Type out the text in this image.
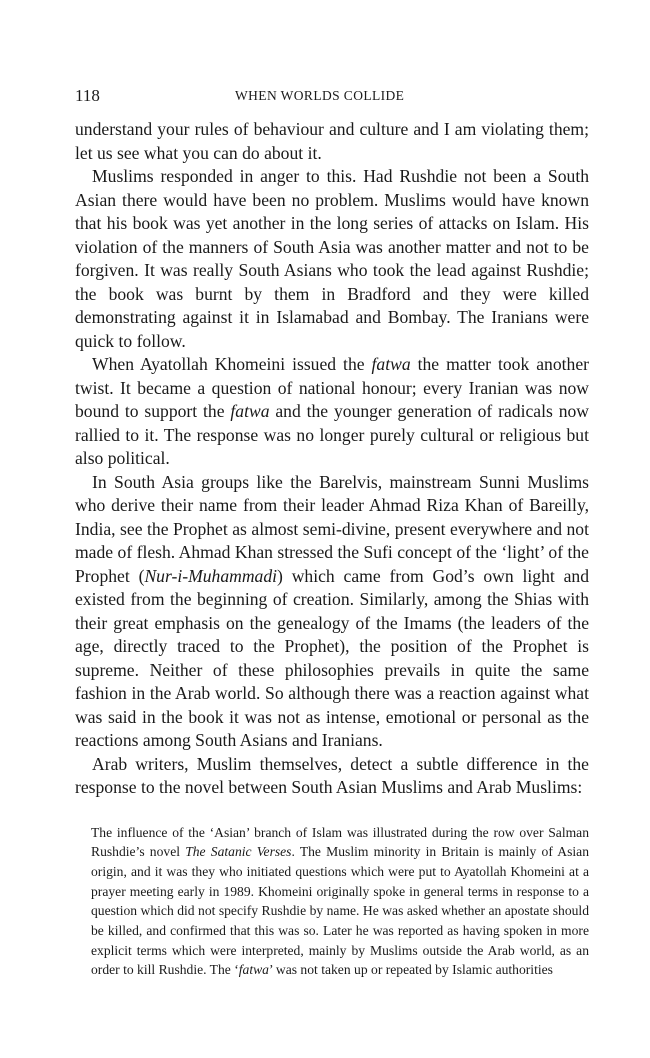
118	WHEN WORLDS COLLIDE

understand your rules of behaviour and culture and I am violating them; let us see what you can do about it.

Muslims responded in anger to this. Had Rushdie not been a South Asian there would have been no problem. Muslims would have known that his book was yet another in the long series of attacks on Islam. His violation of the manners of South Asia was another matter and not to be forgiven. It was really South Asians who took the lead against Rushdie; the book was burnt by them in Bradford and they were killed demonstrating against it in Islamabad and Bombay. The Iranians were quick to follow.

When Ayatollah Khomeini issued the fatwa the matter took another twist. It became a question of national honour; every Iranian was now bound to support the fatwa and the younger generation of radicals now rallied to it. The response was no longer purely cultural or religious but also political.

In South Asia groups like the Barelvis, mainstream Sunni Muslims who derive their name from their leader Ahmad Riza Khan of Bareilly, India, see the Prophet as almost semi-divine, present everywhere and not made of flesh. Ahmad Khan stressed the Sufi concept of the ‘light’ of the Prophet (Nur-i-Muhammadi) which came from God’s own light and existed from the beginning of creation. Similarly, among the Shias with their great emphasis on the genealogy of the Imams (the leaders of the age, directly traced to the Prophet), the position of the Prophet is supreme. Neither of these philosophies prevails in quite the same fashion in the Arab world. So although there was a reaction against what was said in the book it was not as intense, emotional or personal as the reactions among South Asians and Iranians.

Arab writers, Muslim themselves, detect a subtle difference in the response to the novel between South Asian Muslims and Arab Muslims:

The influence of the ‘Asian’ branch of Islam was illustrated during the row over Salman Rushdie’s novel The Satanic Verses. The Muslim minority in Britain is mainly of Asian origin, and it was they who initiated questions which were put to Ayatollah Khomeini at a prayer meeting early in 1989. Khomeini originally spoke in general terms in response to a question which did not specify Rushdie by name. He was asked whether an apostate should be killed, and confirmed that this was so. Later he was reported as having spoken in more explicit terms which were interpreted, mainly by Muslims outside the Arab world, as an order to kill Rushdie. The ‘fatwa’ was not taken up or repeated by Islamic authorities
